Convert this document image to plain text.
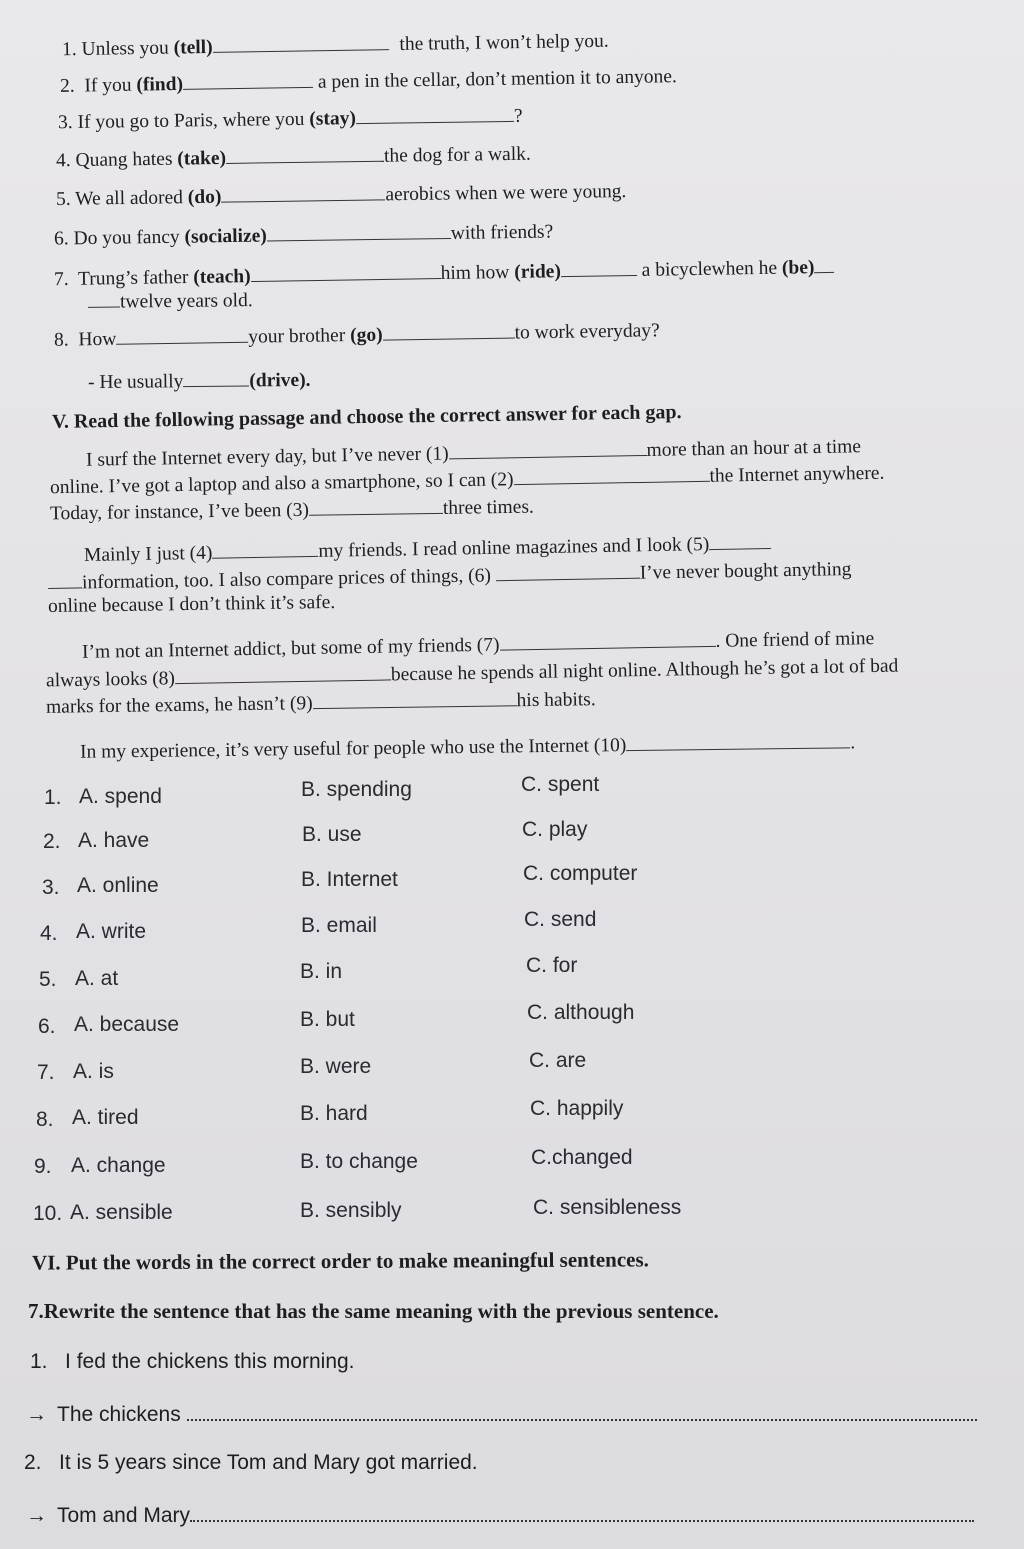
1. Unless you (tell)	the truth, I won’t help you.
2. If you (find)	a pen in the cellar, don’t mention it to anyone.
3. If you go to Paris, where you (stay)	?
4. Quang hates (take)	the dog for a walk.
5. We all adored (do)	aerobics when we were young.
6. Do you fancy (socialize)	with friends?
7. Trung’s father (teach)	him how (ride)	a bicyclewhen he (be)
twelve years old.
8. How	your brother (go)	to work everyday?
- He usually	(drive).
V. Read the following passage and choose the correct answer for each gap.
I surf the Internet every day, but I’ve never (1)	more than an hour at a time
online. I’ve got a laptop and also a smartphone, so I can (2)	the Internet anywhere.
Today, for instance, I’ve been (3)	three times.
Mainly I just (4)	my friends. I read online magazines and I look (5)
information, too. I also compare prices of things, (6)	I’ve never bought anything
online because I don’t think it’s safe.
I’m not an Internet addict, but some of my friends (7)	. One friend of mine
always looks (8)	because he spends all night online. Although he’s got a lot of bad
marks for the exams, he hasn’t (9)	his habits.
In my experience, it’s very useful for people who use the Internet (10)	.
1. A. spend	B. spending	C. spent
2. A. have	B. use	C. play
3. A. online	B. Internet	C. computer
4. A. write	B. email	C. send
5. A. at	B. in	C. for
6. A. because	B. but	C. although
7. A. is	B. were	C. are
8. A. tired	B. hard	C. happily
9. A. change	B. to change	C.changed
10. A. sensible	B. sensibly	C. sensibleness
VI. Put the words in the correct order to make meaningful sentences.
7.Rewrite the sentence that has the same meaning with the previous sentence.
1. I fed the chickens this morning.
→ The chickens
2. It is 5 years since Tom and Mary got married.
→ Tom and Mary
